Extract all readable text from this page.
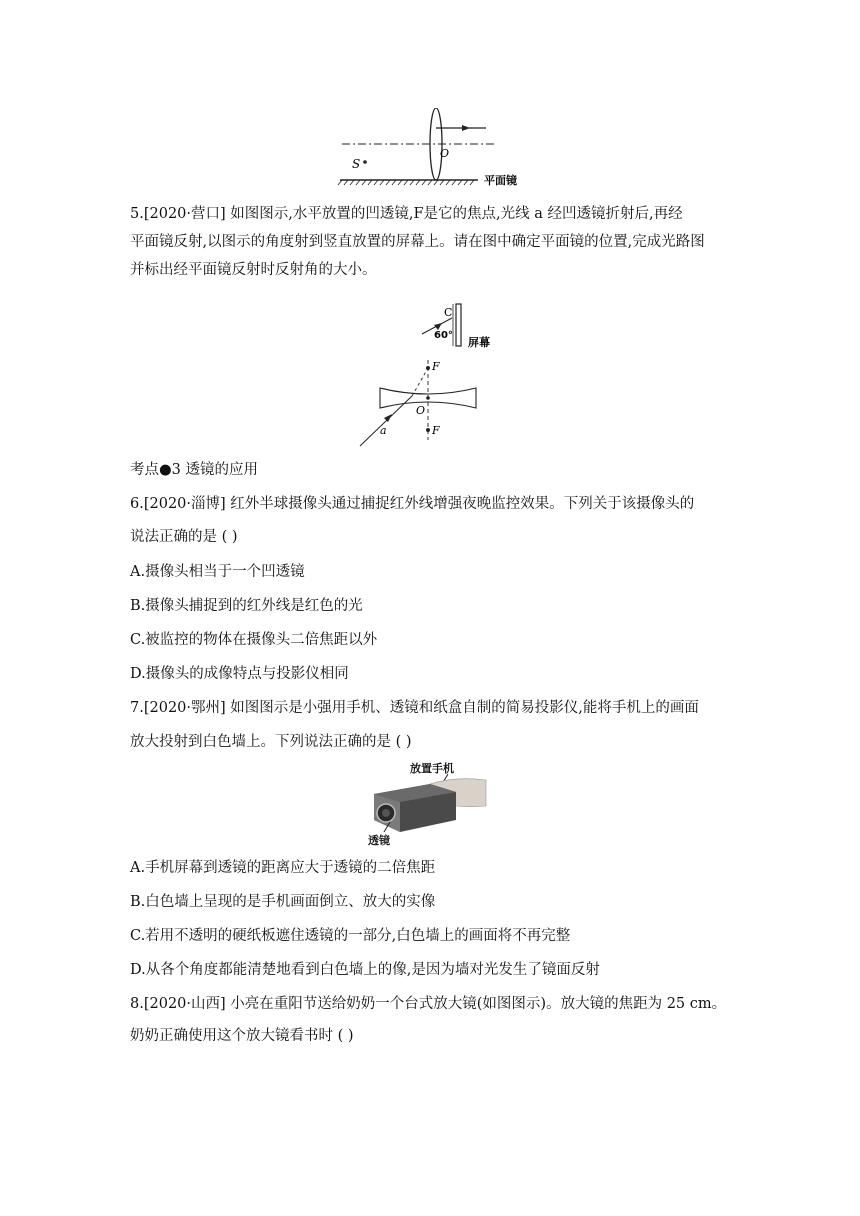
S
O
平面镜
5.[2020·营口] 如图图示,水平放置的凹透镜,F是它的焦点,光线 a 经凹透镜折射后,再经
平面镜反射,以图示的角度射到竖直放置的屏幕上。请在图中确定平面镜的位置,完成光路图
并标出经平面镜反射时反射角的大小。
C
60°
屏幕
F
F
O
a
考点●3 透镜的应用
6.[2020·淄博] 红外半球摄像头通过捕捉红外线增强夜晚监控效果。下列关于该摄像头的
说法正确的是 ( )
A.摄像头相当于一个凹透镜
B.摄像头捕捉到的红外线是红色的光
C.被监控的物体在摄像头二倍焦距以外
D.摄像头的成像特点与投影仪相同
7.[2020·鄂州] 如图图示是小强用手机、透镜和纸盒自制的简易投影仪,能将手机上的画面
放大投射到白色墙上。下列说法正确的是 ( )
放置手机
透镜
A.手机屏幕到透镜的距离应大于透镜的二倍焦距
B.白色墙上呈现的是手机画面倒立、放大的实像
C.若用不透明的硬纸板遮住透镜的一部分,白色墙上的画面将不再完整
D.从各个角度都能清楚地看到白色墙上的像,是因为墙对光发生了镜面反射
8.[2020·山西] 小亮在重阳节送给奶奶一个台式放大镜(如图图示)。放大镜的焦距为 25 cm。
奶奶正确使用这个放大镜看书时 ( )
